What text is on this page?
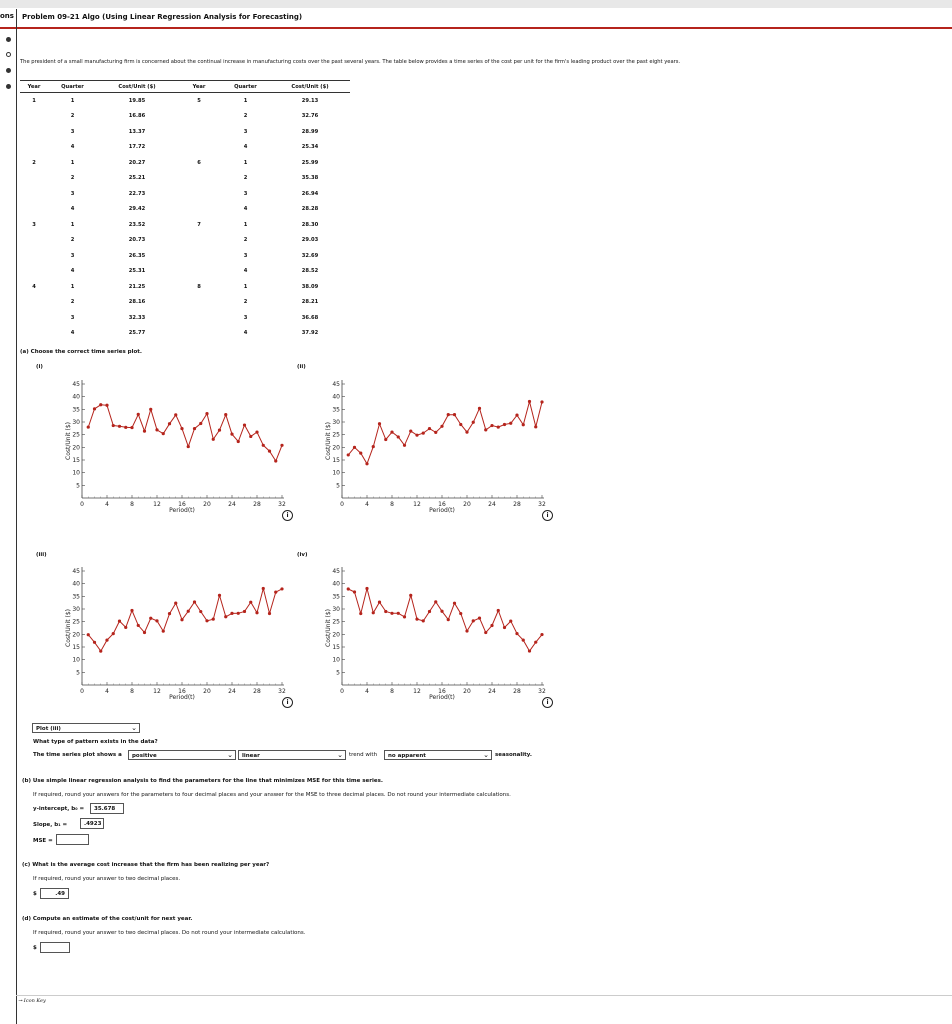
ons Problem 09-21 Algo (Using Linear Regression Analysis for Forecasting)
The president of a small manufacturing firm is concerned about the continual increase in manufacturing costs over the past several years. The table below provides a time series of the cost per unit for the firm's leading product over the past eight years.
Year	Quarter	Cost/Unit ($)	Year	Quarter	Cost/Unit ($)
1	1	19.85	5	1	29.13
	2	16.86		2	32.76
	3	13.37		3	28.99
	4	17.72		4	25.34
2	1	20.27	6	1	25.99
	2	25.21		2	35.38
	3	22.73		3	26.94
	4	29.42		4	28.28
3	1	23.52	7	1	28.30
	2	20.73		2	29.03
	3	26.35		3	32.69
	4	25.31		4	28.52
4	1	21.25	8	1	38.09
	2	28.16		2	28.21
	3	32.33		3	36.68
	4	25.77		4	37.92
(a) Choose the correct time series plot.
(i)	(ii)
(iii)	(iv)
5
10
15
20
25
30
35
40
45
0	4	8	12	16	20	24	28	32
Period(t)
Cost/Unit ($)
5
10
15
20
25
30
35
40
45
0	4	8	12	16	20	24	28	32
Period(t)
Cost/Unit ($)
5
10
15
20
25
30
35
40
45
0	4	8	12	16	20	24	28	32
Period(t)
Cost/Unit ($)
5
10
15
20
25
30
35
40
45
0	4	8	12	16	20	24	28	32
Period(t)
Cost/Unit ($)
i	i
i	i
Plot (iii)	⌄
What type of pattern exists in the data?
The time series plot shows a	positive	⌄	linear	⌄ trend with	no apparent	⌄ seasonality.
(b) Use simple linear regression analysis to find the parameters for the line that minimizes MSE for this time series.
If required, round your answers for the parameters to four decimal places and your answer for the MSE to three decimal places. Do not round your intermediate calculations.
y-intercept, b₀ =	35.678
Slope, b₁ =	.4923
MSE =
(c) What is the average cost increase that the firm has been realizing per year?
If required, round your answer to two decimal places.
$	.49
(d) Compute an estimate of the cost/unit for next year.
If required, round your answer to two decimal places. Do not round your intermediate calculations.
$
⊸ Icon Key
